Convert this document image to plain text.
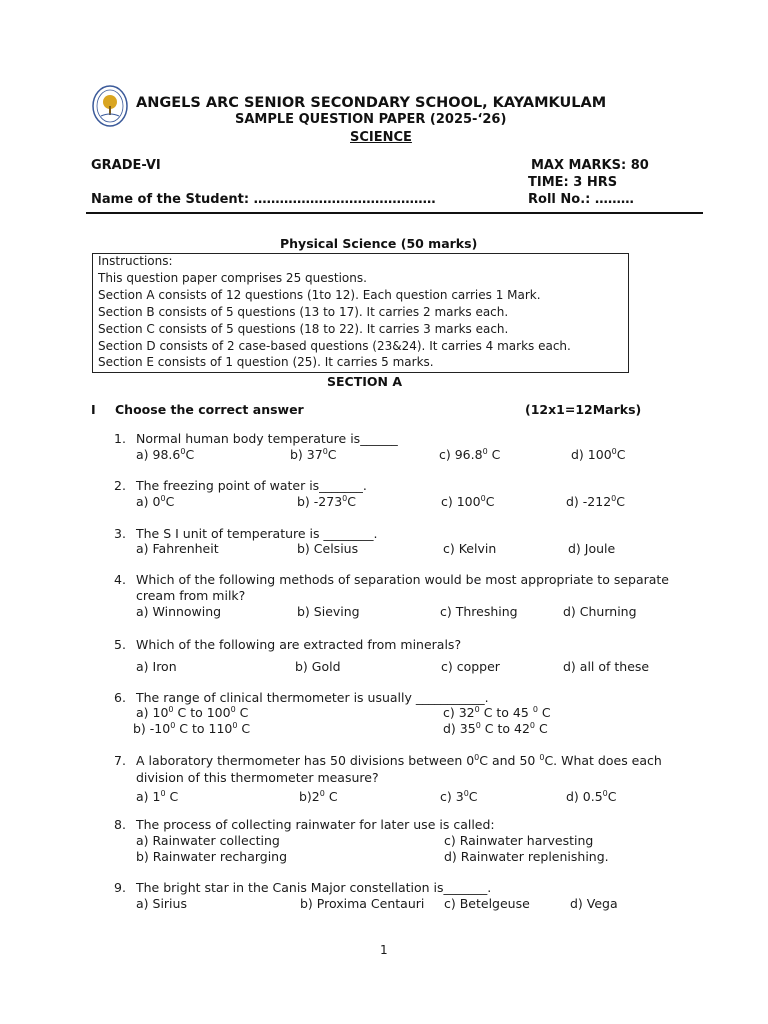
ANGELS ARC SENIOR SECONDARY SCHOOL, KAYAMKULAM
SAMPLE QUESTION PAPER (2025-‘26)
SCIENCE
GRADE-VI	MAX MARKS: 80
TIME: 3 HRS
Name of the Student: ……………………………………	Roll No.: ………
Physical Science (50 marks)
Instructions:
This question paper comprises 25 questions.
Section A consists of 12 questions (1to 12). Each question carries 1 Mark.
Section B consists of 5 questions (13 to 17). It carries 2 marks each.
Section C consists of 5 questions (18 to 22). It carries 3 marks each.
Section D consists of 2 case-based questions (23&24). It carries 4 marks each.
Section E consists of 1 question (25). It carries 5 marks.
SECTION A
I Choose the correct answer	(12x1=12Marks)
1. Normal human body temperature is______
a) 98.6$^0$C	b) $37^0C$	c) 96.8$^0$ C	d) $100^0C$
2. The freezing point of water is_______.
a) $0^0C$	b) $-273^0C$	c) $100^0C$	d) $-212^0C$
3. The S I unit of temperature is ________.
a) Fahrenheit	b) Celsius	c) Kelvin	d) Joule
4. Which of the following methods of separation would be most appropriate to separate
cream from milk?
a) Winnowing	b) Sieving	c) Threshing	d) Churning
5. Which of the following are extracted from minerals?
a) Iron	b) Gold	c) copper	d) all of these
6. The range of clinical thermometer is usually ___________.
a) $10^0$ C to $100^0$ C
b) $-10^0$ C to $110^0$ C
c) $32^0$ C to 45 $^0$ C
d) $35^0$ C to $42^0$ C
7. A laboratory thermometer has 50 divisions between $0^0C$ and 50 $^0$C. What does each
division of this thermometer measure?
a) $1^0$ C	$b)2^0$ C	c) $3^0C$	d) $0.5^0C$
8. The process of collecting rainwater for later use is called:
a) Rainwater collecting
b) Rainwater recharging
c) Rainwater harvesting
d) Rainwater replenishing.
9. The bright star in the Canis Major constellation is_______.
a) Sirius	b) Proxima Centauri c) Betelgeuse	d) Vega
1
